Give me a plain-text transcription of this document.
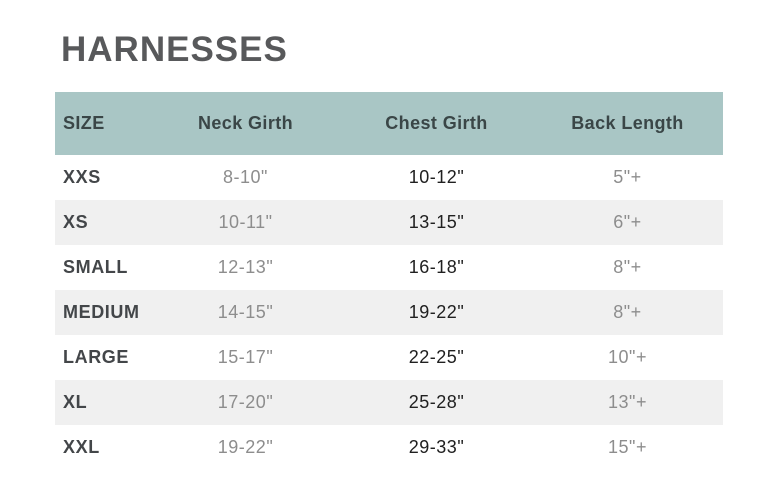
HARNESSES
SIZE	Neck Girth	Chest Girth	Back Length
XXS	8-10"	10-12"	5"+
XS	10-11"	13-15"	6"+
SMALL	12-13"	16-18"	8"+
MEDIUM	14-15"	19-22"	8"+
LARGE	15-17"	22-25"	10"+
XL	17-20"	25-28"	13"+
XXL	19-22"	29-33"	15"+
